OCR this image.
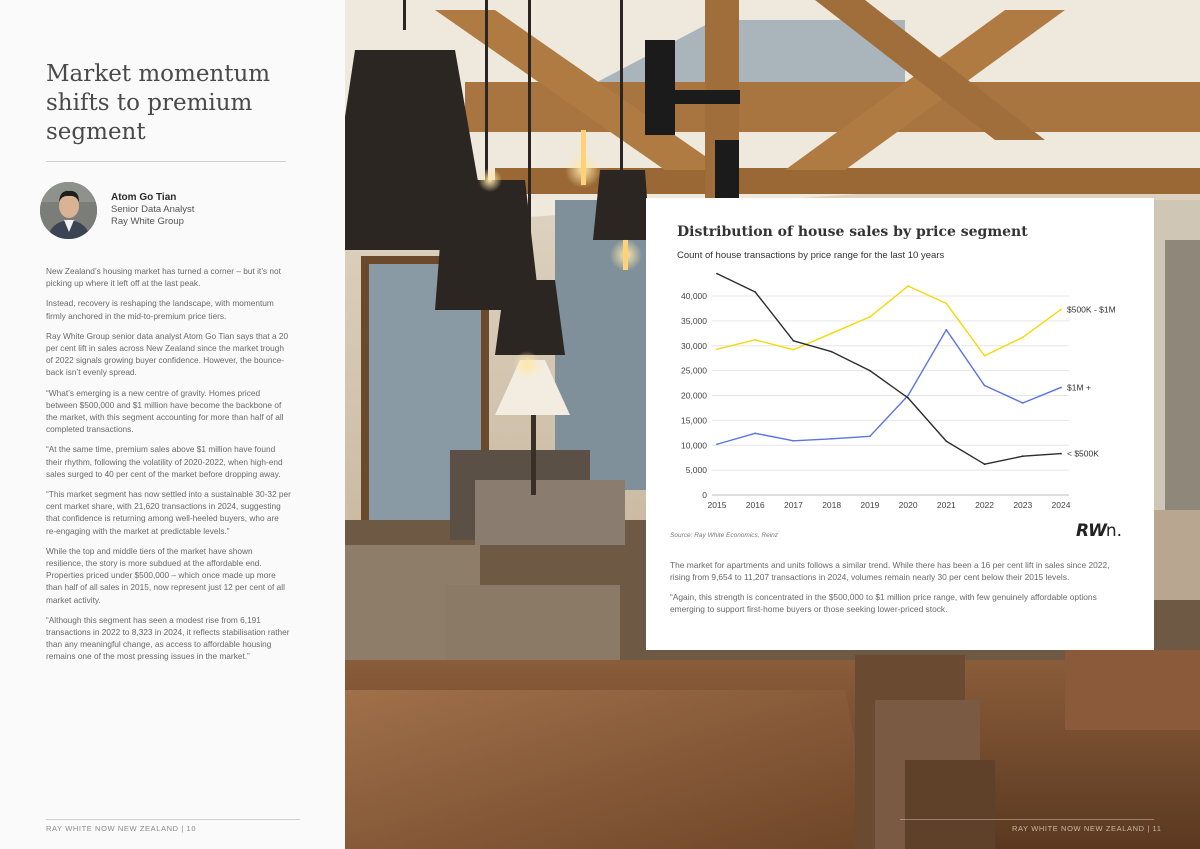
Market momentum shifts to premium segment
Atom Go Tian
Senior Data Analyst
Ray White Group

New Zealand’s housing market has turned a corner – but it’s not picking up where it left off at the last peak.

Instead, recovery is reshaping the landscape, with momentum firmly anchored in the mid-to-premium price tiers.

Ray White Group senior data analyst Atom Go Tian says that a 20 per cent lift in sales across New Zealand since the market trough of 2022 signals growing buyer confidence. However, the bounce-back isn’t evenly spread.

“What’s emerging is a new centre of gravity. Homes priced between $500,000 and $1 million have become the backbone of the market, with this segment accounting for more than half of all completed transactions.

“At the same time, premium sales above $1 million have found their rhythm, following the volatility of 2020-2022, when high-end sales surged to 40 per cent of the market before dropping away.

“This market segment has now settled into a sustainable 30-32 per cent market share, with 21,620 transactions in 2024, suggesting that confidence is returning among well-heeled buyers, who are re-engaging with the market at predictable levels.”

While the top and middle tiers of the market have shown resilience, the story is more subdued at the affordable end. Properties priced under $500,000 – which once made up more than half of all sales in 2015, now represent just 12 per cent of all market activity.

“Although this segment has seen a modest rise from 6,191 transactions in 2022 to 8,323 in 2024, it reflects stabilisation rather than any meaningful change, as access to affordable housing remains one of the most pressing issues in the market.”

RAY WHITE NOW NEW ZEALAND | 10
Distribution of house sales by price segment
Count of house transactions by price range for the last 10 years
0
5,000
10,000
15,000
20,000
25,000
30,000
35,000
40,000
2015 2016 2017 2018 2019 2020 2021 2022 2023 2024
$500K - $1M
$1M +
< $500K
Source: Ray White Economics, Reinz	RWn.

The market for apartments and units follows a similar trend. While there has been a 16 per cent lift in sales since 2022, rising from 9,654 to 11,207 transactions in 2024, volumes remain nearly 30 per cent below their 2015 levels.

“Again, this strength is concentrated in the $500,000 to $1 million price range, with few genuinely affordable options emerging to support first-home buyers or those seeking lower-priced stock.

RAY WHITE NOW NEW ZEALAND | 11
